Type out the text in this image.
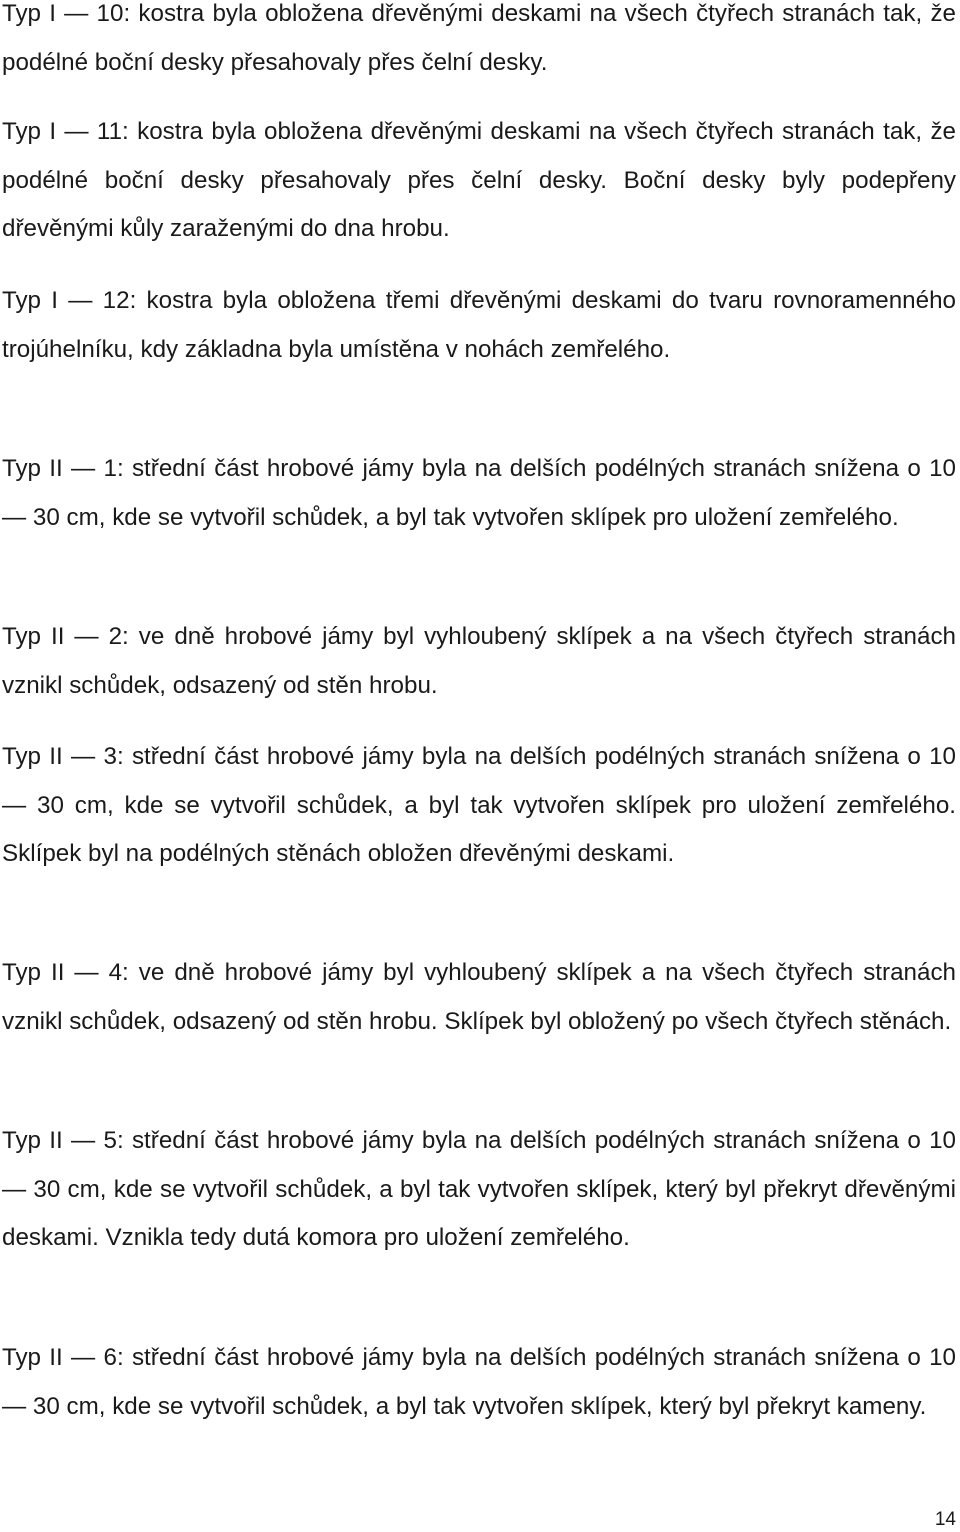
Typ I — 10: kostra byla obložena dřevěnými deskami na všech čtyřech stranách tak, že podélné boční desky přesahovaly přes čelní desky.

Typ I — 11: kostra byla obložena dřevěnými deskami na všech čtyřech stranách tak, že podélné boční desky přesahovaly přes čelní desky. Boční desky byly podepřeny dřevěnými kůly zaraženými do dna hrobu.

Typ I — 12: kostra byla obložena třemi dřevěnými deskami do tvaru rovnoramenného trojúhelníku, kdy základna byla umístěna v nohách zemřelého.

Typ II — 1: střední část hrobové jámy byla na delších podélných stranách snížena o 10 — 30 cm, kde se vytvořil schůdek, a byl tak vytvořen sklípek pro uložení zemřelého.

Typ II — 2: ve dně hrobové jámy byl vyhloubený sklípek a na všech čtyřech stranách vznikl schůdek, odsazený od stěn hrobu.

Typ II — 3: střední část hrobové jámy byla na delších podélných stranách snížena o 10 — 30 cm, kde se vytvořil schůdek, a byl tak vytvořen sklípek pro uložení zemřelého. Sklípek byl na podélných stěnách obložen dřevěnými deskami.

Typ II — 4: ve dně hrobové jámy byl vyhloubený sklípek a na všech čtyřech stranách vznikl schůdek, odsazený od stěn hrobu. Sklípek byl obložený po všech čtyřech stěnách.

Typ II — 5: střední část hrobové jámy byla na delších podélných stranách snížena o 10 — 30 cm, kde se vytvořil schůdek, a byl tak vytvořen sklípek, který byl překryt dřevěnými deskami. Vznikla tedy dutá komora pro uložení zemřelého.

Typ II — 6: střední část hrobové jámy byla na delších podélných stranách snížena o 10 — 30 cm, kde se vytvořil schůdek, a byl tak vytvořen sklípek, který byl překryt kameny.

14
